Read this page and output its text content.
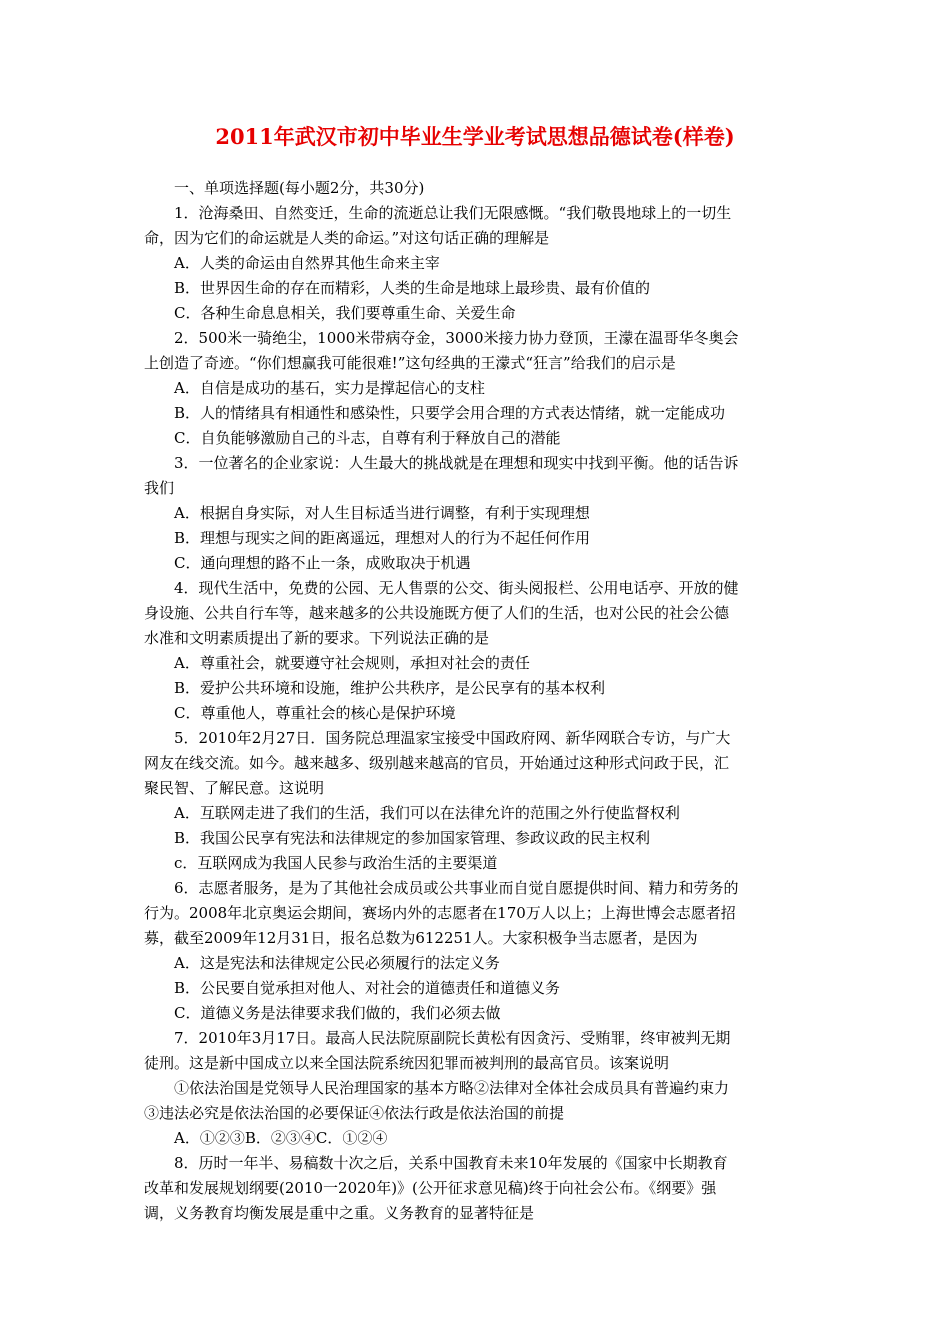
2011年武汉市初中毕业生学业考试思想品德试卷(样卷)
一、单项选择题(每小题2分，共30分)
1．沧海桑田、自然变迁，生命的流逝总让我们无限感慨。“我们敬畏地球上的一切生
命，因为它们的命运就是人类的命运。”对这句话正确的理解是
A．人类的命运由自然界其他生命来主宰
B．世界因生命的存在而精彩，人类的生命是地球上最珍贵、最有价值的
C．各种生命息息相关，我们要尊重生命、关爱生命
2．500米一骑绝尘，1000米带病夺金，3000米接力协力登顶，王濛在温哥华冬奥会
上创造了奇迹。“你们想赢我可能很难!”这句经典的王濛式“狂言”给我们的启示是
A．自信是成功的基石，实力是撑起信心的支柱
B．人的情绪具有相通性和感染性，只要学会用合理的方式表达情绪，就一定能成功
C．自负能够激励自己的斗志，自尊有利于释放自己的潜能
3．一位著名的企业家说：人生最大的挑战就是在理想和现实中找到平衡。他的话告诉
我们
A．根据自身实际，对人生目标适当进行调整，有利于实现理想
B．理想与现实之间的距离遥远，理想对人的行为不起任何作用
C．通向理想的路不止一条，成败取决于机遇
4．现代生活中，免费的公园、无人售票的公交、街头阅报栏、公用电话亭、开放的健
身设施、公共自行车等，越来越多的公共设施既方便了人们的生活，也对公民的社会公德
水准和文明素质提出了新的要求。下列说法正确的是
A．尊重社会，就要遵守社会规则，承担对社会的责任
B．爱护公共环境和设施，维护公共秩序，是公民享有的基本权利
C．尊重他人，尊重社会的核心是保护环境
5．2010年2月27日．国务院总理温家宝接受中国政府网、新华网联合专访，与广大
网友在线交流。如今。越来越多、级别越来越高的官员，开始通过这种形式问政于民，汇
聚民智、了解民意。这说明
A．互联网走进了我们的生活，我们可以在法律允许的范围之外行使监督权利
B．我国公民享有宪法和法律规定的参加国家管理、参政议政的民主权利
c．互联网成为我国人民参与政治生活的主要渠道
6．志愿者服务，是为了其他社会成员或公共事业而自觉自愿提供时间、精力和劳务的
行为。2008年北京奥运会期间，赛场内外的志愿者在170万人以上；上海世博会志愿者招
募，截至2009年12月31日，报名总数为612251人。大家积极争当志愿者，是因为
A．这是宪法和法律规定公民必须履行的法定义务
B．公民要自觉承担对他人、对社会的道德责任和道德义务
C．道德义务是法律要求我们做的，我们必须去做
7．2010年3月17日。最高人民法院原副院长黄松有因贪污、受贿罪，终审被判无期
徒刑。这是新中国成立以来全国法院系统因犯罪而被判刑的最高官员。该案说明
①依法治国是党领导人民治理国家的基本方略②法律对全体社会成员具有普遍约束力
③违法必究是依法治国的必要保证④依法行政是依法治国的前提
A．①②③B．②③④C．①②④
8．历时一年半、易稿数十次之后，关系中国教育未来10年发展的《国家中长期教育
改革和发展规划纲要(2010一2020年)》(公开征求意见稿)终于向社会公布。《纲要》强
调，义务教育均衡发展是重中之重。义务教育的显著特征是
